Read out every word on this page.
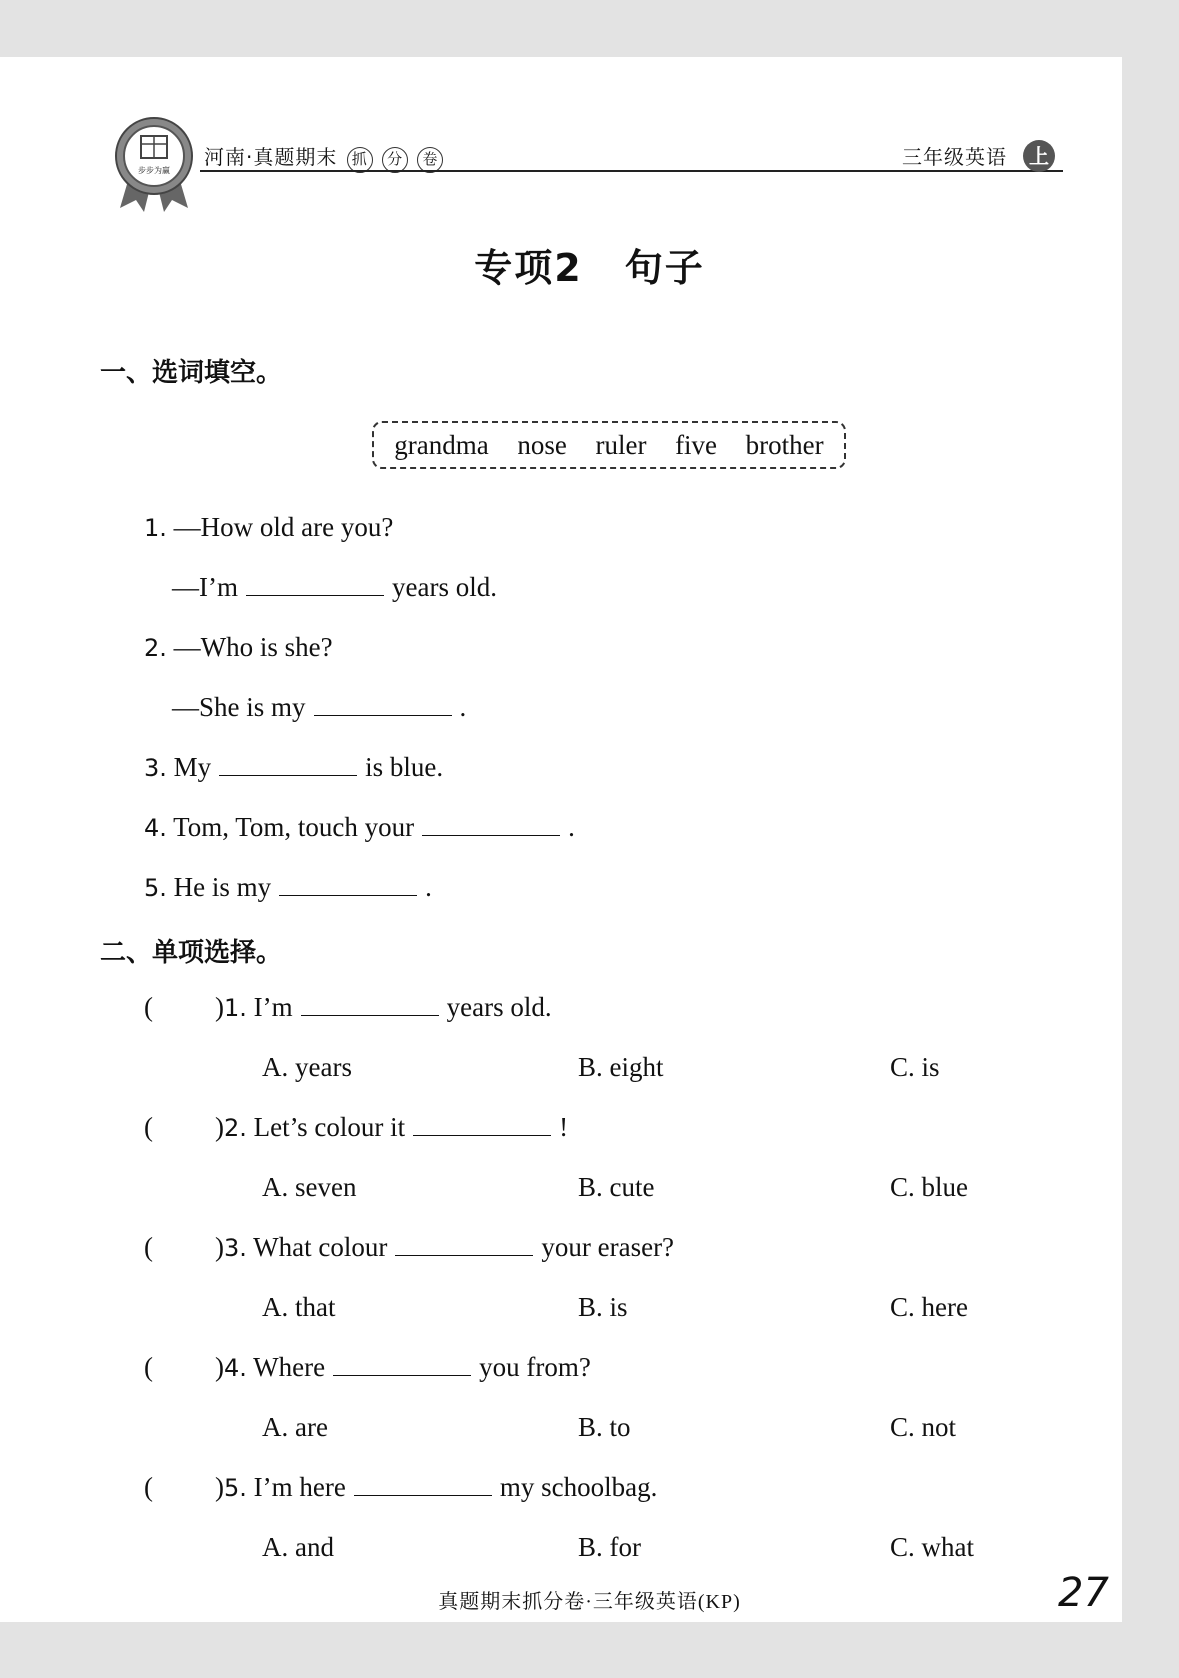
步步为赢
河南·真题期末 抓 分 卷	三年级英语	上
专项2 句子
一、选词填空。
grandma nose ruler five brother
1. —How old are you?
—I’m	years old.
2. —Who is she?
—She is my	.
3. My	is blue.
4. Tom, Tom, touch your	.
5. He is my	.
二、单项选择。
( )1. I’m	years old.
A. years	B. eight	C. is
( )2. Let’s colour it	!
A. seven	B. cute	C. blue
( )3. What colour	your eraser?
A. that	B. is	C. here
( )4. Where	you from?
A. are	B. to	C. not
( )5. I’m here	my schoolbag.
A. and	B. for	C. what
真题期末抓分卷·三年级英语(KP)	27
